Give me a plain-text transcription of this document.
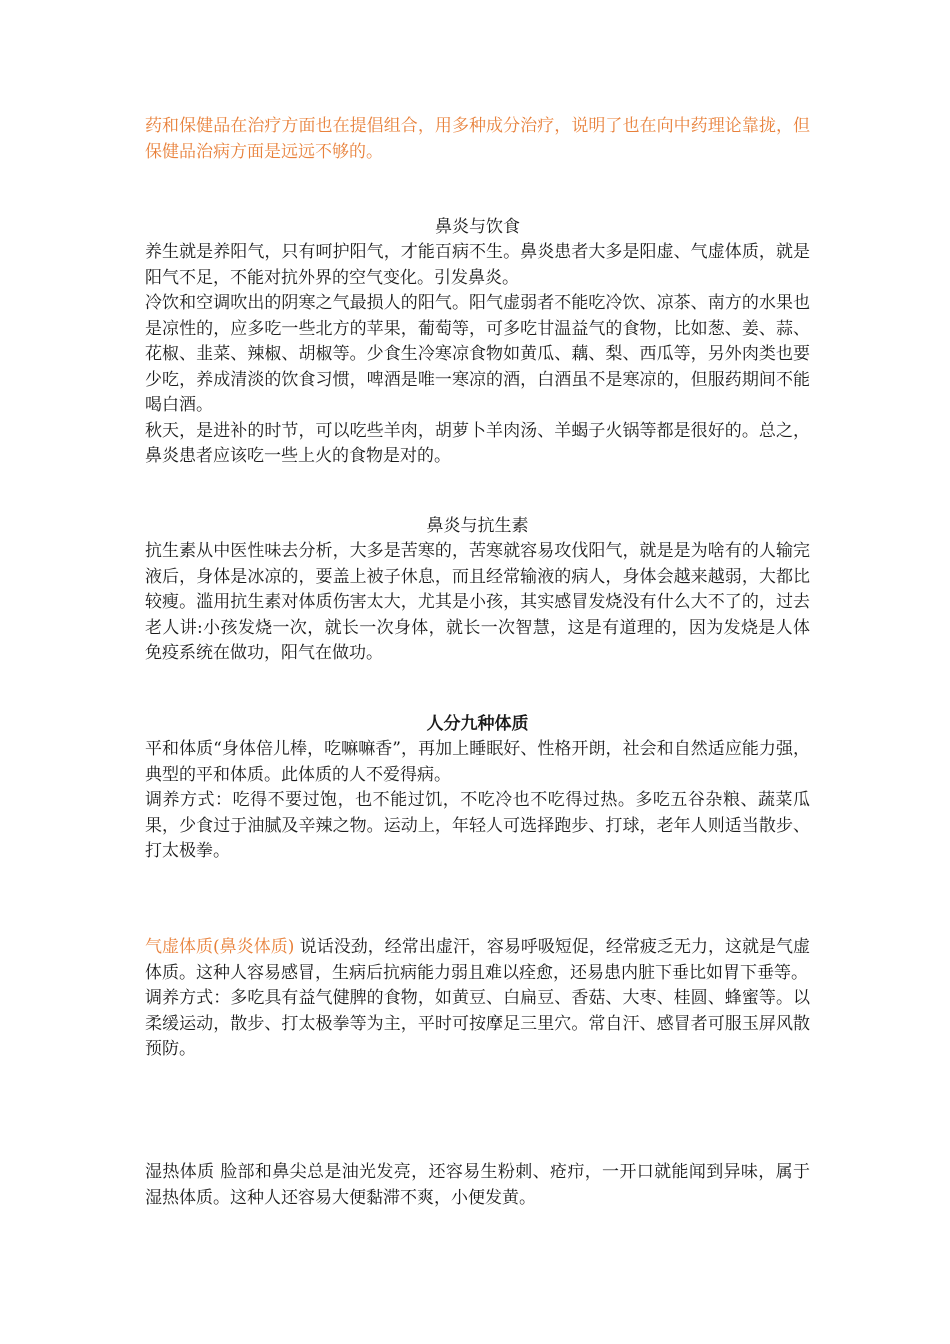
药和保健品在治疗方面也在提倡组合，用多种成分治疗，说明了也在向中药理论靠拢，但保健品治病方面是远远不够的。

鼻炎与饮食
养生就是养阳气，只有呵护阳气，才能百病不生。鼻炎患者大多是阳虚、气虚体质，就是阳气不足，不能对抗外界的空气变化。引发鼻炎。
冷饮和空调吹出的阴寒之气最损人的阳气。阳气虚弱者不能吃冷饮、凉茶、南方的水果也是凉性的，应多吃一些北方的苹果，葡萄等，可多吃甘温益气的食物，比如葱、姜、蒜、花椒、韭菜、辣椒、胡椒等。少食生冷寒凉食物如黄瓜、藕、梨、西瓜等，另外肉类也要少吃，养成清淡的饮食习惯，啤酒是唯一寒凉的酒，白酒虽不是寒凉的，但服药期间不能喝白酒。
秋天，是进补的时节，可以吃些羊肉，胡萝卜羊肉汤、羊蝎子火锅等都是很好的。总之，鼻炎患者应该吃一些上火的食物是对的。
鼻炎与抗生素
抗生素从中医性味去分析，大多是苦寒的，苦寒就容易攻伐阳气，就是是为啥有的人输完液后，身体是冰凉的，要盖上被子休息，而且经常输液的病人，身体会越来越弱，大都比较瘦。滥用抗生素对体质伤害太大，尤其是小孩，其实感冒发烧没有什么大不了的，过去老人讲:小孩发烧一次，就长一次身体，就长一次智慧，这是有道理的，因为发烧是人体免疫系统在做功，阳气在做功。
人分九种体质
平和体质“身体倍儿棒，吃嘛嘛香”，再加上睡眠好、性格开朗，社会和自然适应能力强，典型的平和体质。此体质的人不爱得病。
调养方式：吃得不要过饱，也不能过饥，不吃冷也不吃得过热。多吃五谷杂粮、蔬菜瓜果，少食过于油腻及辛辣之物。运动上，年轻人可选择跑步、打球，老年人则适当散步、打太极拳。
气虚体质(鼻炎体质) 说话没劲，经常出虚汗，容易呼吸短促，经常疲乏无力，这就是气虚体质。这种人容易感冒，生病后抗病能力弱且难以痊愈，还易患内脏下垂比如胃下垂等。
调养方式：多吃具有益气健脾的食物，如黄豆、白扁豆、香菇、大枣、桂圆、蜂蜜等。以柔缓运动，散步、打太极拳等为主，平时可按摩足三里穴。常自汗、感冒者可服玉屏风散预防。
湿热体质 脸部和鼻尖总是油光发亮，还容易生粉刺、疮疖，一开口就能闻到异味，属于湿热体质。这种人还容易大便黏滞不爽，小便发黄。
